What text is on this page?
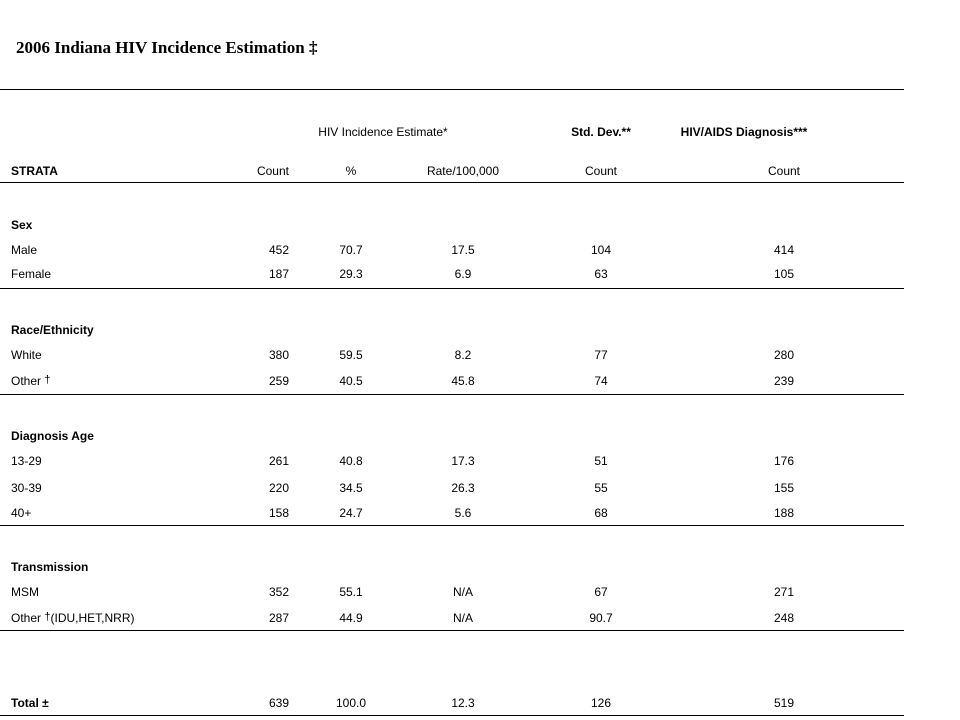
2006 Indiana HIV Incidence Estimation ‡
HIV Incidence Estimate*	Std. Dev.**	HIV/AIDS Diagnosis***
STRATA	Count	%	Rate/100,000	Count	Count
Sex
Male	452	70.7	17.5	104	414
Female	187	29.3	6.9	63	105
Race/Ethnicity
White	380	59.5	8.2	77	280
Other †	259	40.5	45.8	74	239
Diagnosis Age
13-29	261	40.8	17.3	51	176
30-39	220	34.5	26.3	55	155
40+	158	24.7	5.6	68	188
Transmission
MSM	352	55.1	N/A	67	271
Other †(IDU,HET,NRR)	287	44.9	N/A	90.7	248
Total ±	639	100.0	12.3	126	519
